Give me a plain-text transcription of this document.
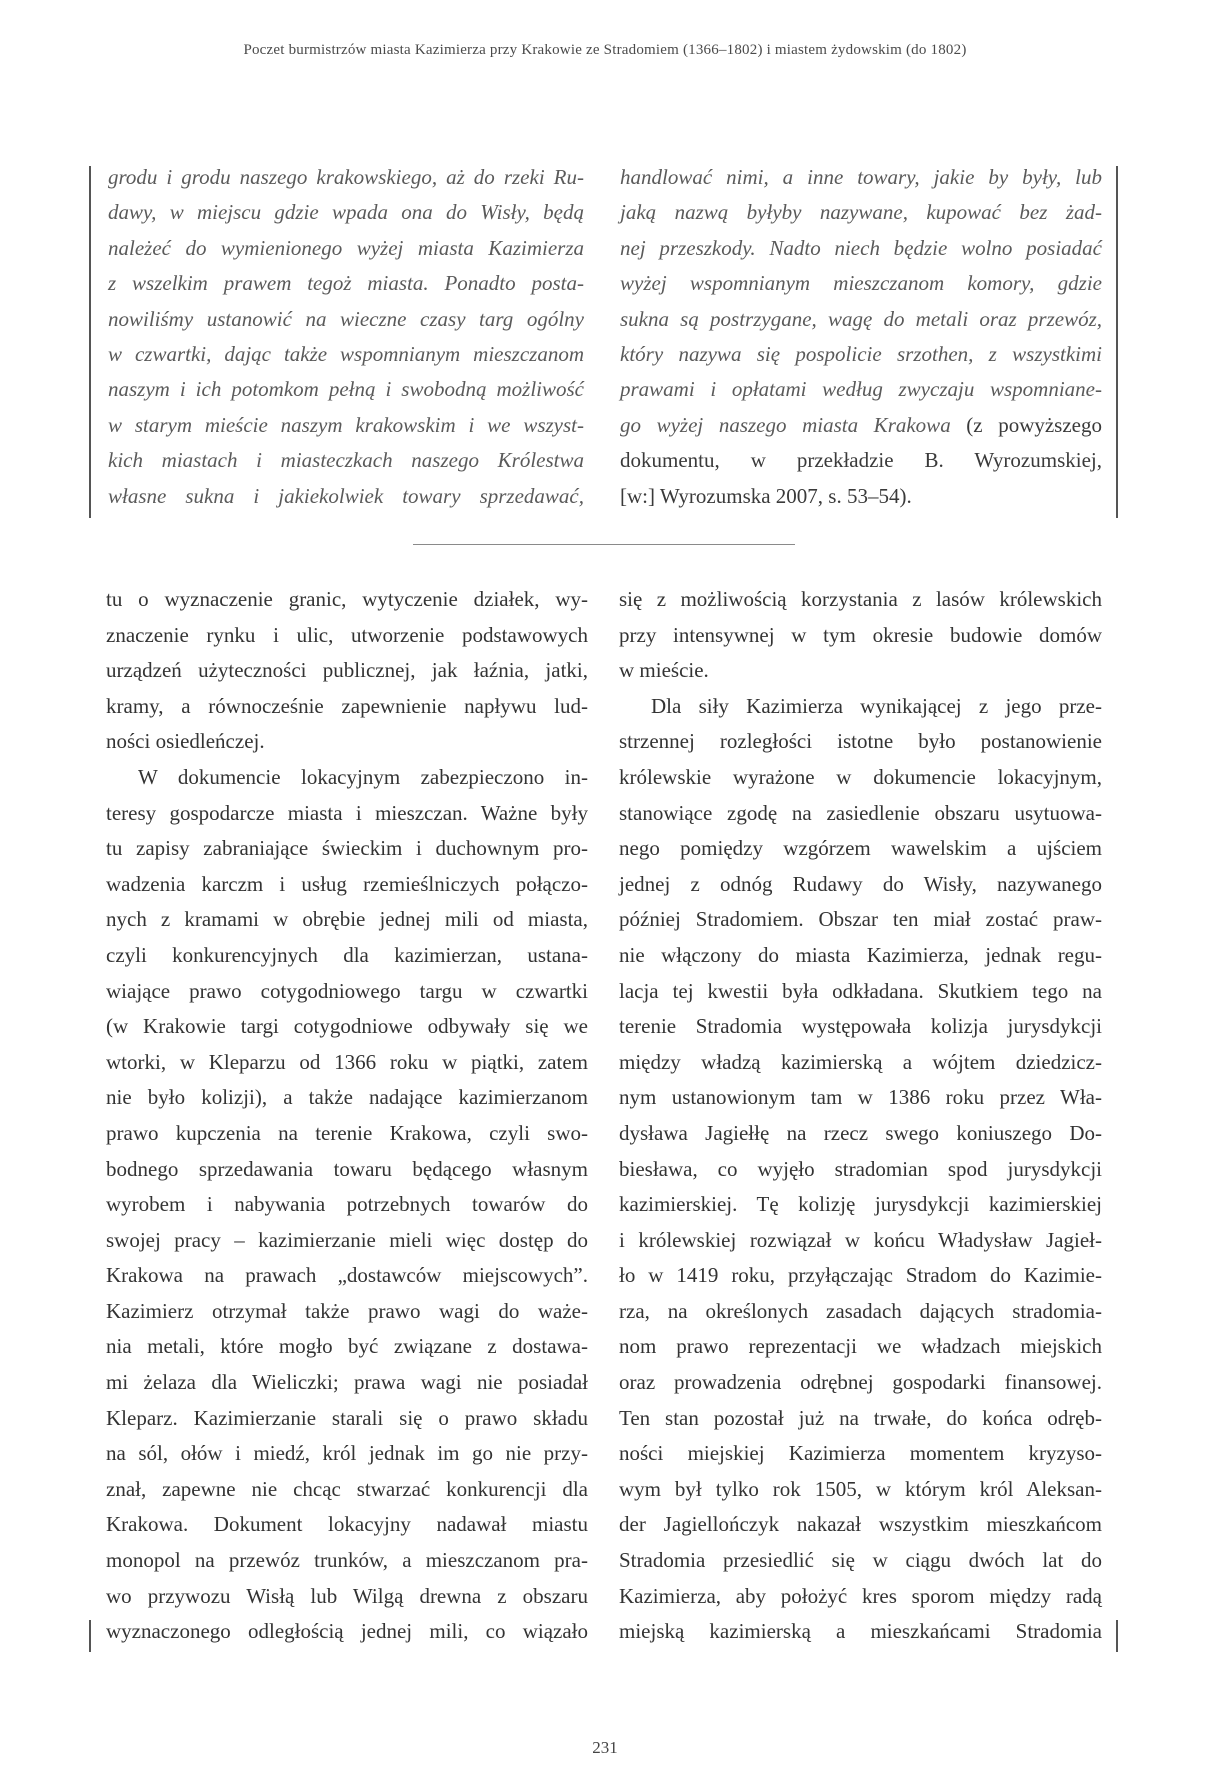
Poczet burmistrzów miasta Kazimierza przy Krakowie ze Stradomiem (1366–1802) i miastem żydowskim (do 1802)

grodu i grodu naszego krakowskiego, aż do rzeki Ru-

dawy, w miejscu gdzie wpada ona do Wisły, będą

należeć do wymienionego wyżej miasta Kazimierza

z wszelkim prawem tegoż miasta. Ponadto posta-

nowiliśmy ustanowić na wieczne czasy targ ogólny

w czwartki, dając także wspomnianym mieszczanom

naszym i ich potomkom pełną i swobodną możliwość

w starym mieście naszym krakowskim i we wszyst-

kich miastach i miasteczkach naszego Królestwa

własne sukna i jakiekolwiek towary sprzedawać,

handlować nimi, a inne towary, jakie by były, lub

jaką nazwą byłyby nazywane, kupować bez żad-

nej przeszkody. Nadto niech będzie wolno posiadać

wyżej wspomnianym mieszczanom komory, gdzie

sukna są postrzygane, wagę do metali oraz przewóz,

który nazywa się pospolicie srzothen, z wszystkimi

prawami i opłatami według zwyczaju wspomniane-

go wyżej naszego miasta Krakowa (z powyższego

dokumentu, w przekładzie B. Wyrozumskiej,

[w:] Wyrozumska 2007, s. 53–54).

tu o wyznaczenie granic, wytyczenie działek, wy-
znaczenie rynku i ulic, utworzenie podstawowych
urządzeń użyteczności publicznej, jak łaźnia, jatki,
kramy, a równocześnie zapewnienie napływu lud-
ności osiedleńczej.
W dokumencie lokacyjnym zabezpieczono in-
teresy gospodarcze miasta i mieszczan. Ważne były
tu zapisy zabraniające świeckim i duchownym pro-
wadzenia karczm i usług rzemieślniczych połączo-
nych z kramami w obrębie jednej mili od miasta,
czyli konkurencyjnych dla kazimierzan, ustana-
wiające prawo cotygodniowego targu w czwartki
(w Krakowie targi cotygodniowe odbywały się we
wtorki, w Kleparzu od 1366 roku w piątki, zatem
nie było kolizji), a także nadające kazimierzanom
prawo kupczenia na terenie Krakowa, czyli swo-
bodnego sprzedawania towaru będącego własnym
wyrobem i nabywania potrzebnych towarów do
swojej pracy – kazimierzanie mieli więc dostęp do
Krakowa na prawach „dostawców miejscowych”.
Kazimierz otrzymał także prawo wagi do waże-
nia metali, które mogło być związane z dostawa-
mi żelaza dla Wieliczki; prawa wagi nie posiadał
Kleparz. Kazimierzanie starali się o prawo składu
na sól, ołów i miedź, król jednak im go nie przy-
znał, zapewne nie chcąc stwarzać konkurencji dla
Krakowa. Dokument lokacyjny nadawał miastu
monopol na przewóz trunków, a mieszczanom pra-
wo przywozu Wisłą lub Wilgą drewna z obszaru
wyznaczonego odległością jednej mili, co wiązało
się z możliwością korzystania z lasów królewskich
przy intensywnej w tym okresie budowie domów
w mieście.
Dla siły Kazimierza wynikającej z jego prze-
strzennej rozległości istotne było postanowienie
królewskie wyrażone w dokumencie lokacyjnym,
stanowiące zgodę na zasiedlenie obszaru usytuowa-
nego pomiędzy wzgórzem wawelskim a ujściem
jednej z odnóg Rudawy do Wisły, nazywanego
później Stradomiem. Obszar ten miał zostać praw-
nie włączony do miasta Kazimierza, jednak regu-
lacja tej kwestii była odkładana. Skutkiem tego na
terenie Stradomia występowała kolizja jurysdykcji
między władzą kazimierską a wójtem dziedzicz-
nym ustanowionym tam w 1386 roku przez Wła-
dysława Jagiełłę na rzecz swego koniuszego Do-
biesława, co wyjęło stradomian spod jurysdykcji
kazimierskiej. Tę kolizję jurysdykcji kazimierskiej
i królewskiej rozwiązał w końcu Władysław Jagieł-
ło w 1419 roku, przyłączając Stradom do Kazimie-
rza, na określonych zasadach dających stradomia-
nom prawo reprezentacji we władzach miejskich
oraz prowadzenia odrębnej gospodarki finansowej.
Ten stan pozostał już na trwałe, do końca odręb-
ności miejskiej Kazimierza momentem kryzyso-
wym był tylko rok 1505, w którym król Aleksan-
der Jagiellończyk nakazał wszystkim mieszkańcom
Stradomia przesiedlić się w ciągu dwóch lat do
Kazimierza, aby położyć kres sporom między radą
miejską kazimierską a mieszkańcami Stradomia
231
